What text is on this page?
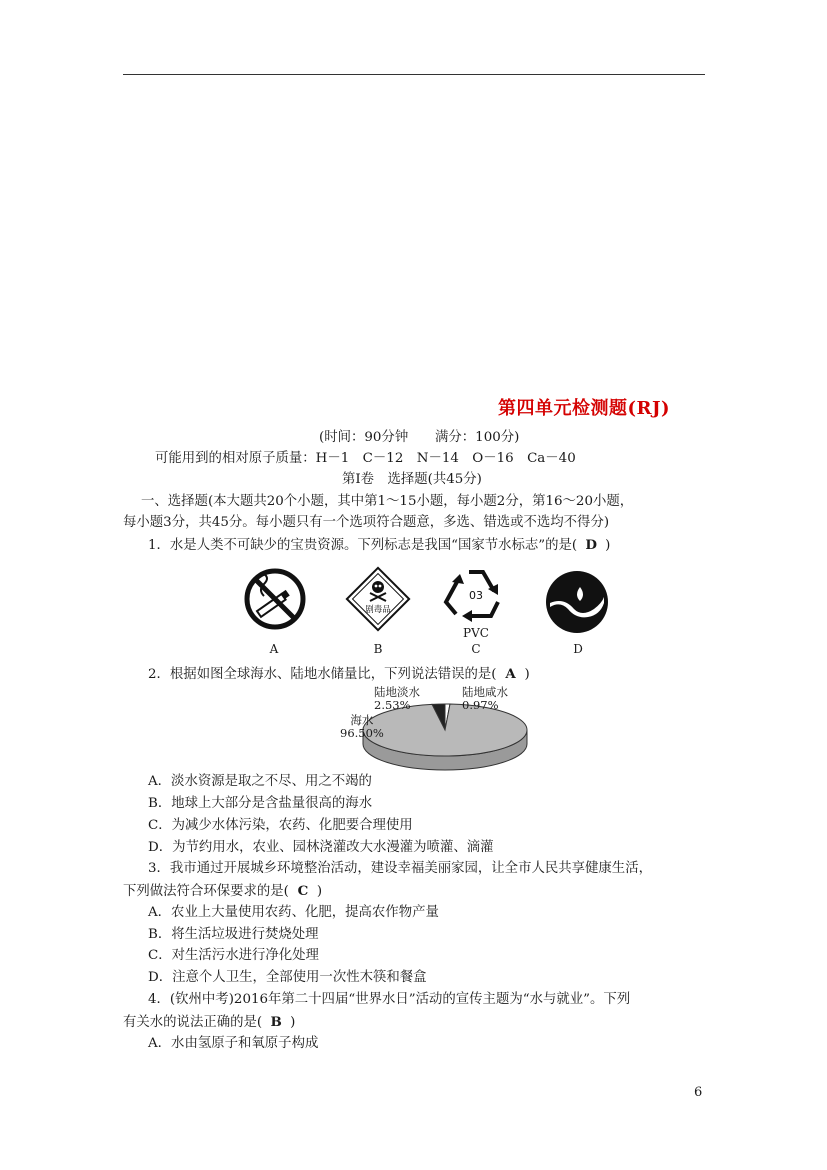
第四单元检测题(RJ)
(时间：90分钟　　满分：100分)
可能用到的相对原子质量：H－1　C－12　N－14　O－16　Ca－40
第Ⅰ卷　选择题(共45分)
一、选择题(本大题共20个小题，其中第1～15小题，每小题2分，第16～20小题，
每小题3分，共45分。每小题只有一个选项符合题意，多选、错选或不选均不得分)
1．水是人类不可缺少的宝贵资源。下列标志是我国“国家节水标志”的是( D )
A
剧毒品
B
03
PVC
C	D
2．根据如图全球海水、陆地水储量比，下列说法错误的是( A )
陆地淡水
2.53%
陆地咸水
0.97%
海水
96.50%
A．淡水资源是取之不尽、用之不竭的
B．地球上大部分是含盐量很高的海水
C．为减少水体污染，农药、化肥要合理使用
D．为节约用水，农业、园林浇灌改大水漫灌为喷灌、滴灌
3．我市通过开展城乡环境整治活动，建设幸福美丽家园，让全市人民共享健康生活，
下列做法符合环保要求的是( C )
A．农业上大量使用农药、化肥，提高农作物产量
B．将生活垃圾进行焚烧处理
C．对生活污水进行净化处理
D．注意个人卫生，全部使用一次性木筷和餐盒
4．(钦州中考)2016年第二十四届“世界水日”活动的宣传主题为“水与就业”。下列
有关水的说法正确的是( B )
A．水由氢原子和氧原子构成
6
